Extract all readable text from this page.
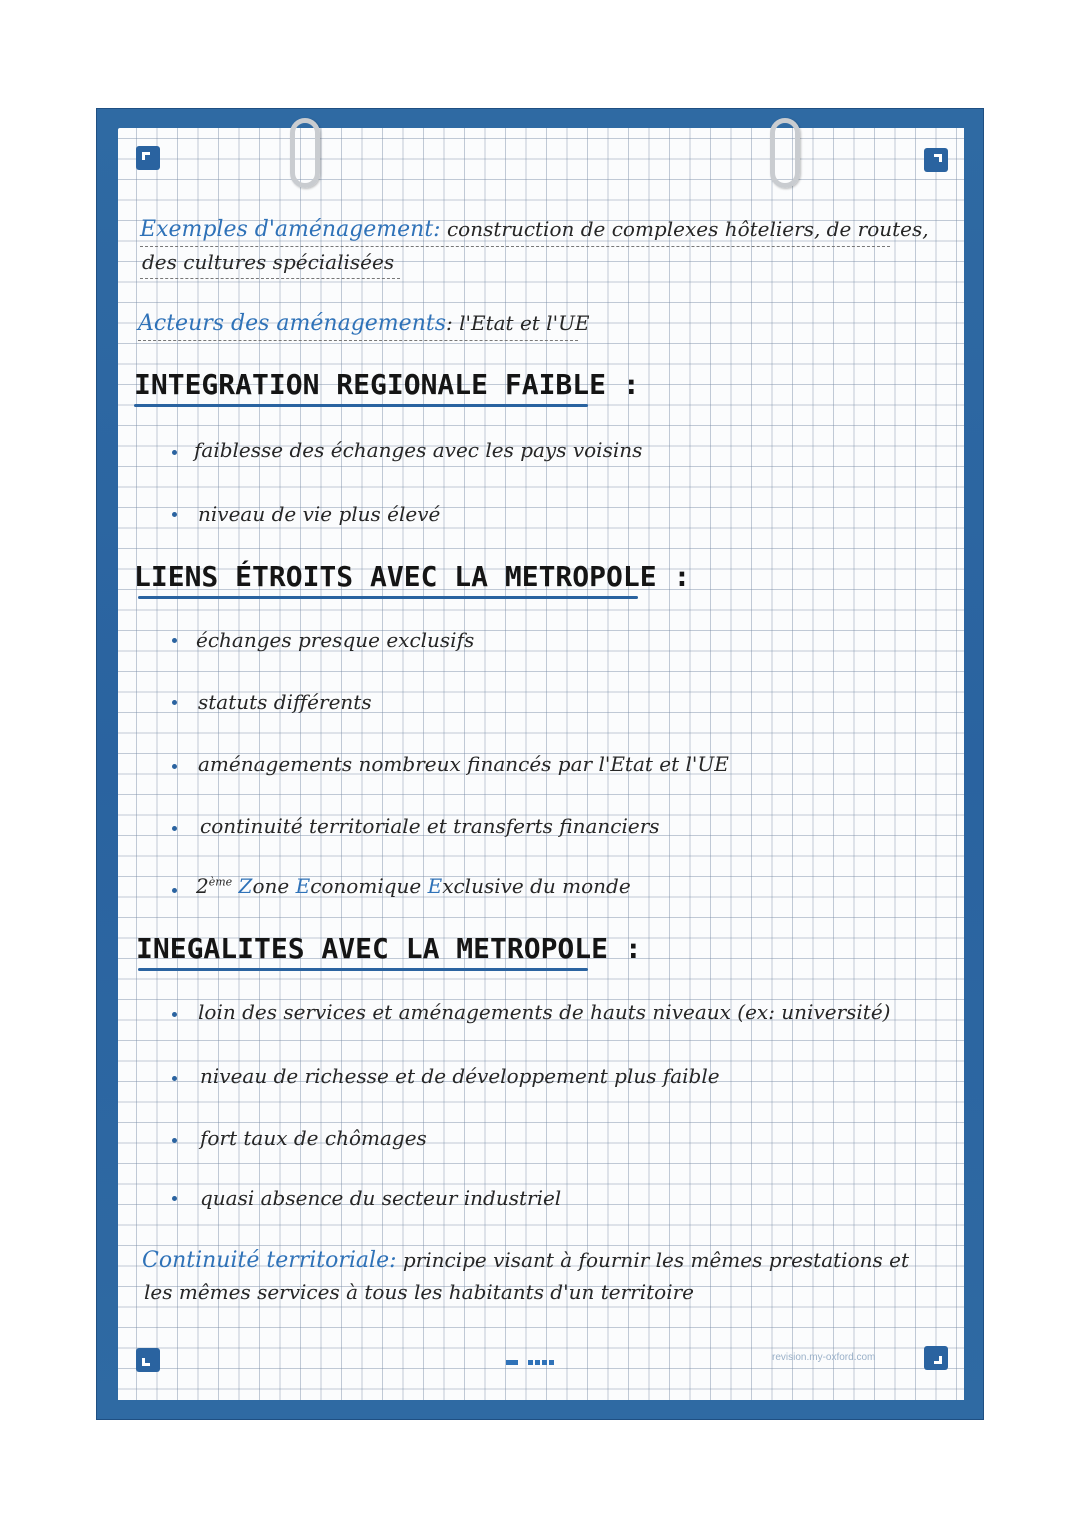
Exemples d'aménagement: construction de complexes hôteliers, de routes,
des cultures spécialisées
Acteurs des aménagements: l'Etat et l'UE
INTEGRATION REGIONALE FAIBLE :
faiblesse des échanges avec les pays voisins
niveau de vie plus élevé
LIENS ÉTROITS AVEC LA METROPOLE :
échanges presque exclusifs
statuts différents
aménagements nombreux financés par l'Etat et l'UE
continuité territoriale et transferts financiers
2ème Zone Economique Exclusive du monde
INEGALITES AVEC LA METROPOLE :
loin des services et aménagements de hauts niveaux (ex: université)
niveau de richesse et de développement plus faible
fort taux de chômages
quasi absence du secteur industriel
Continuité territoriale: principe visant à fournir les mêmes prestations et
les mêmes services à tous les habitants d'un territoire
revision.my-oxford.com
